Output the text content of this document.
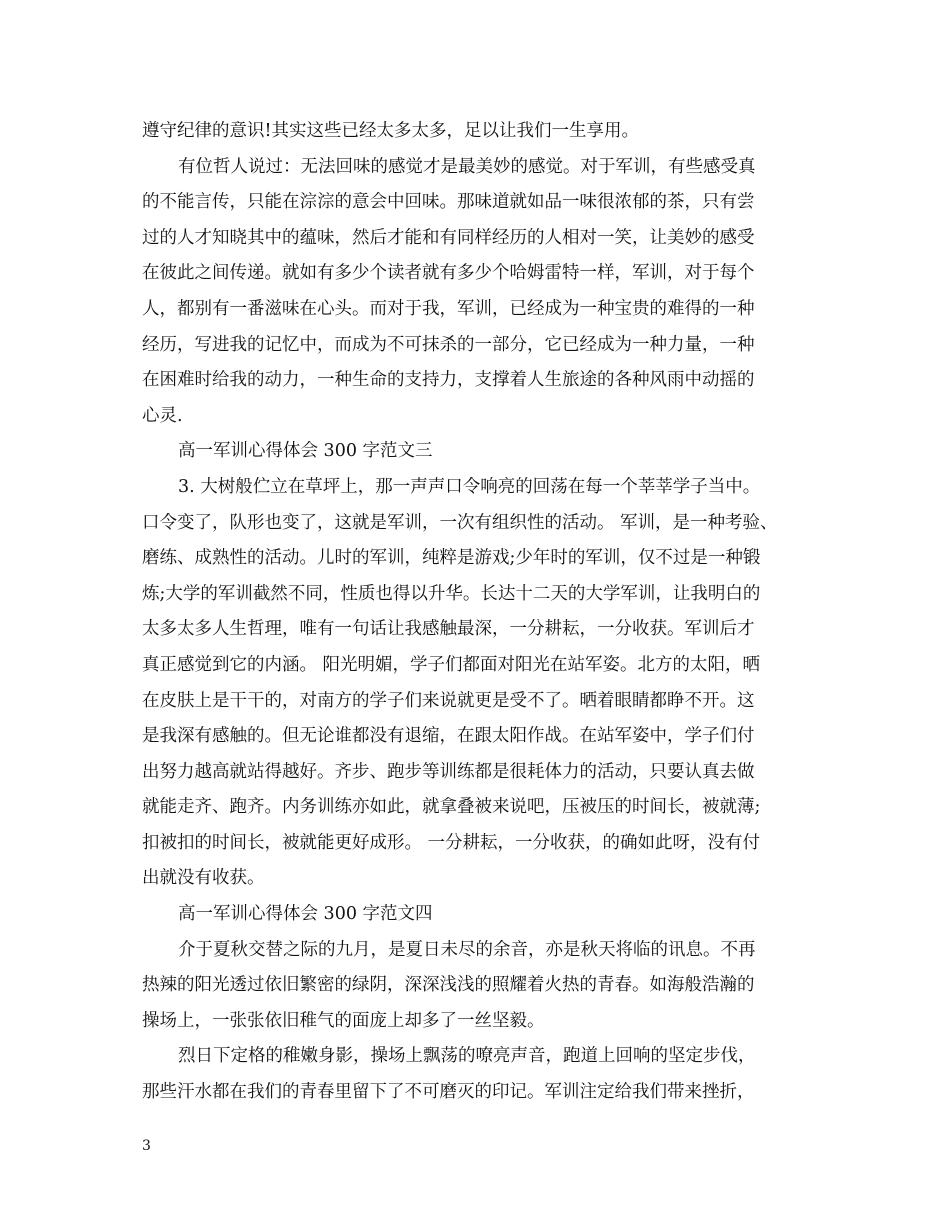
遵守纪律的意识!其实这些已经太多太多，足以让我们一生享用。
有位哲人说过：无法回味的感觉才是最美妙的感觉。对于军训，有些感受真
的不能言传，只能在淙淙的意会中回味。那味道就如品一味很浓郁的茶，只有尝
过的人才知晓其中的蕴味，然后才能和有同样经历的人相对一笑，让美妙的感受
在彼此之间传递。就如有多少个读者就有多少个哈姆雷特一样，军训，对于每个
人，都别有一番滋味在心头。而对于我，军训，已经成为一种宝贵的难得的一种
经历，写进我的记忆中，而成为不可抹杀的一部分，它已经成为一种力量，一种
在困难时给我的动力，一种生命的支持力，支撑着人生旅途的各种风雨中动摇的
心灵.
高一军训心得体会 300 字范文三
3. 大树般伫立在草坪上，那一声声口令响亮的回荡在每一个莘莘学子当中。
口令变了，队形也变了，这就是军训，一次有组织性的活动。 军训，是一种考验、
磨练、成熟性的活动。儿时的军训，纯粹是游戏;少年时的军训，仅不过是一种锻
炼;大学的军训截然不同，性质也得以升华。长达十二天的大学军训，让我明白的
太多太多人生哲理，唯有一句话让我感触最深，一分耕耘，一分收获。军训后才
真正感觉到它的内涵。 阳光明媚，学子们都面对阳光在站军姿。北方的太阳，晒
在皮肤上是干干的，对南方的学子们来说就更是受不了。晒着眼睛都睁不开。这
是我深有感触的。但无论谁都没有退缩，在跟太阳作战。在站军姿中，学子们付
出努力越高就站得越好。齐步、跑步等训练都是很耗体力的活动，只要认真去做
就能走齐、跑齐。内务训练亦如此，就拿叠被来说吧，压被压的时间长，被就薄;
扣被扣的时间长，被就能更好成形。 一分耕耘，一分收获，的确如此呀，没有付
出就没有收获。
高一军训心得体会 300 字范文四
介于夏秋交替之际的九月，是夏日未尽的余音，亦是秋天将临的讯息。不再
热辣的阳光透过依旧繁密的绿阴，深深浅浅的照耀着火热的青春。如海般浩瀚的
操场上，一张张依旧稚气的面庞上却多了一丝坚毅。
烈日下定格的稚嫩身影，操场上飘荡的嘹亮声音，跑道上回响的坚定步伐，
那些汗水都在我们的青春里留下了不可磨灭的印记。军训注定给我们带来挫折，
3
